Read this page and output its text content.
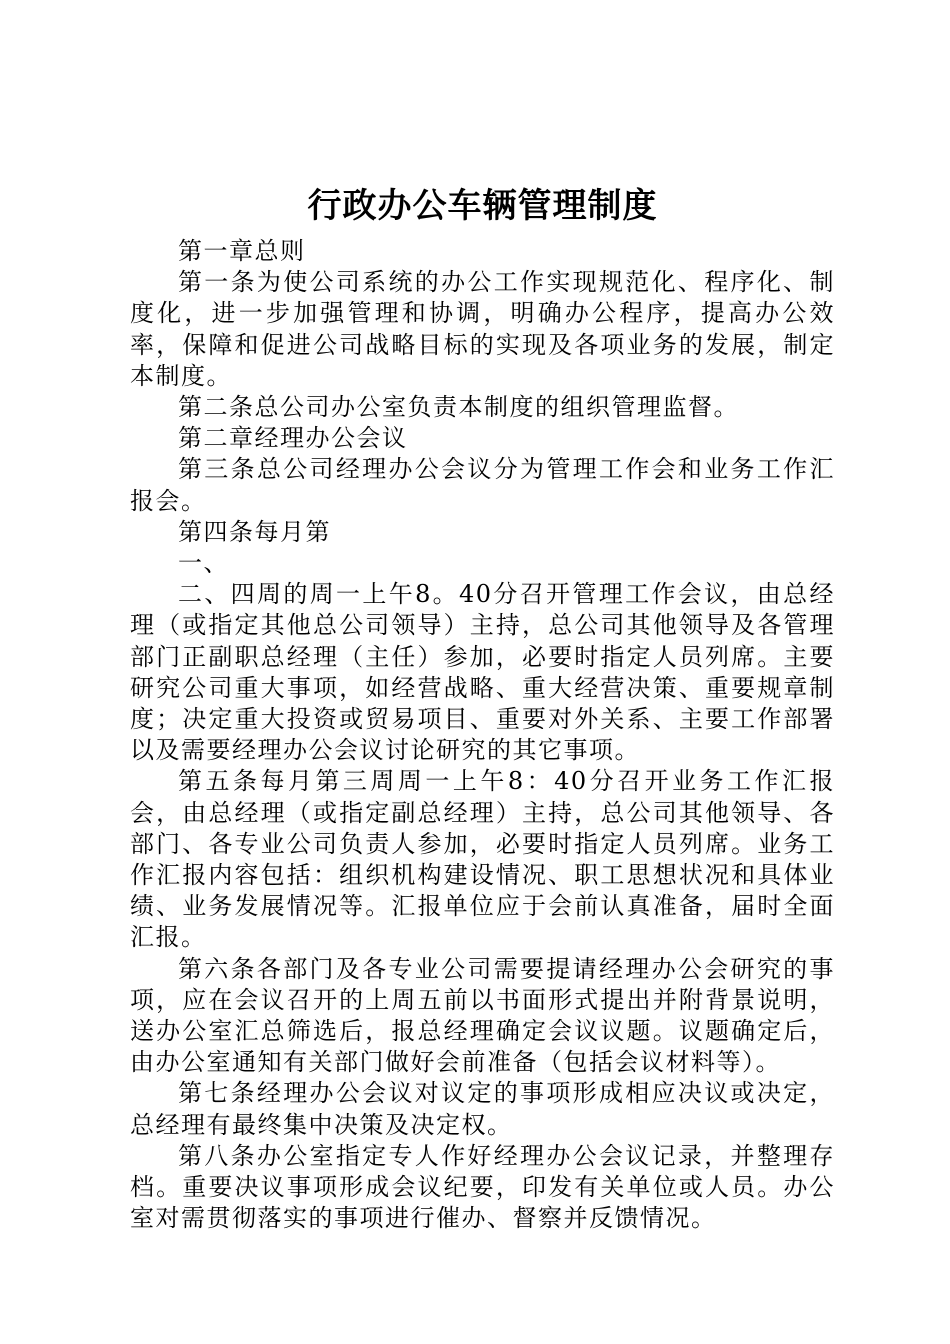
行政办公车辆管理制度

第一章总则

第一条为使公司系统的办公工作实现规范化、程序化、制度化，进一步加强管理和协调，明确办公程序，提高办公效率，保障和促进公司战略目标的实现及各项业务的发展，制定本制度。

第二条总公司办公室负责本制度的组织管理监督。

第二章经理办公会议

第三条总公司经理办公会议分为管理工作会和业务工作汇报会。

第四条每月第

一、

二、四周的周一上午8。40分召开管理工作会议，由总经理（或指定其他总公司领导）主持，总公司其他领导及各管理部门正副职总经理（主任）参加，必要时指定人员列席。主要研究公司重大事项，如经营战略、重大经营决策、重要规章制度；决定重大投资或贸易项目、重要对外关系、主要工作部署以及需要经理办公会议讨论研究的其它事项。

第五条每月第三周周一上午8：40分召开业务工作汇报会，由总经理（或指定副总经理）主持，总公司其他领导、各部门、各专业公司负责人参加，必要时指定人员列席。业务工作汇报内容包括：组织机构建设情况、职工思想状况和具体业绩、业务发展情况等。汇报单位应于会前认真准备，届时全面汇报。

第六条各部门及各专业公司需要提请经理办公会研究的事项，应在会议召开的上周五前以书面形式提出并附背景说明，送办公室汇总筛选后，报总经理确定会议议题。议题确定后，由办公室通知有关部门做好会前准备（包括会议材料等）。

第七条经理办公会议对议定的事项形成相应决议或决定，总经理有最终集中决策及决定权。

第八条办公室指定专人作好经理办公会议记录，并整理存档。重要决议事项形成会议纪要，印发有关单位或人员。办公室对需贯彻落实的事项进行催办、督察并反馈情况。
